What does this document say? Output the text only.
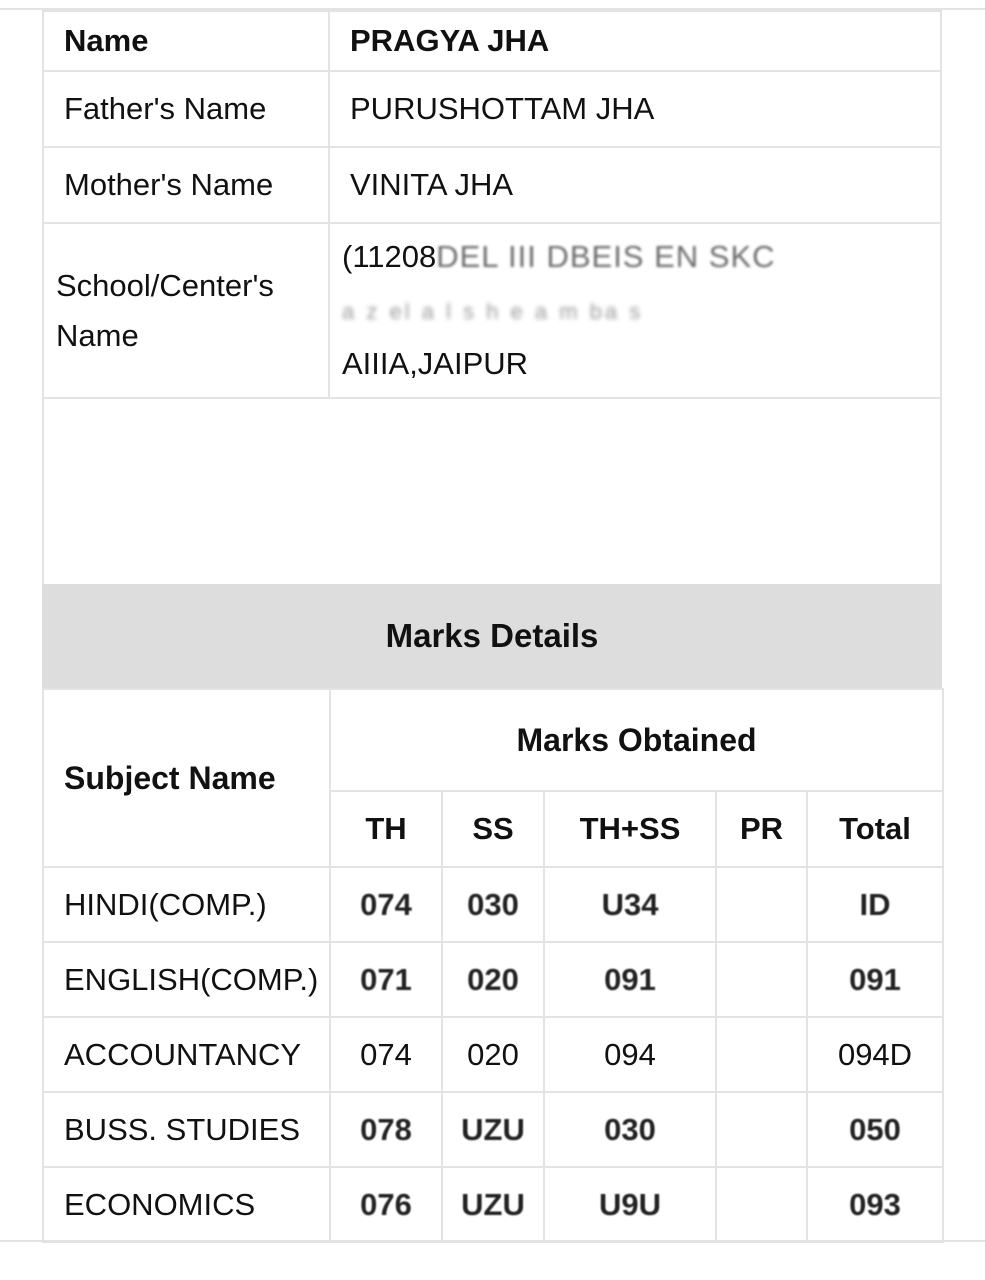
Name	PRAGYA JHA
Father's Name	PURUSHOTTAM JHA
Mother's Name	VINITA JHA
School/Center's
Name	(11208DEL III DBEIS EN SKC
a z el a l s h e a m ba s
AIIIA,JAIPUR

Marks Details
Subject Name	Marks Obtained				
	TH	SS	TH+SS	PR	Total
HINDI(COMP.)	074	030	U34		ID
ENGLISH(COMP.)	071	020	091		091
ACCOUNTANCY	074	020	094		094D
BUSS. STUDIES	078	UZU	030		050
ECONOMICS	076	UZU	U9U		093
